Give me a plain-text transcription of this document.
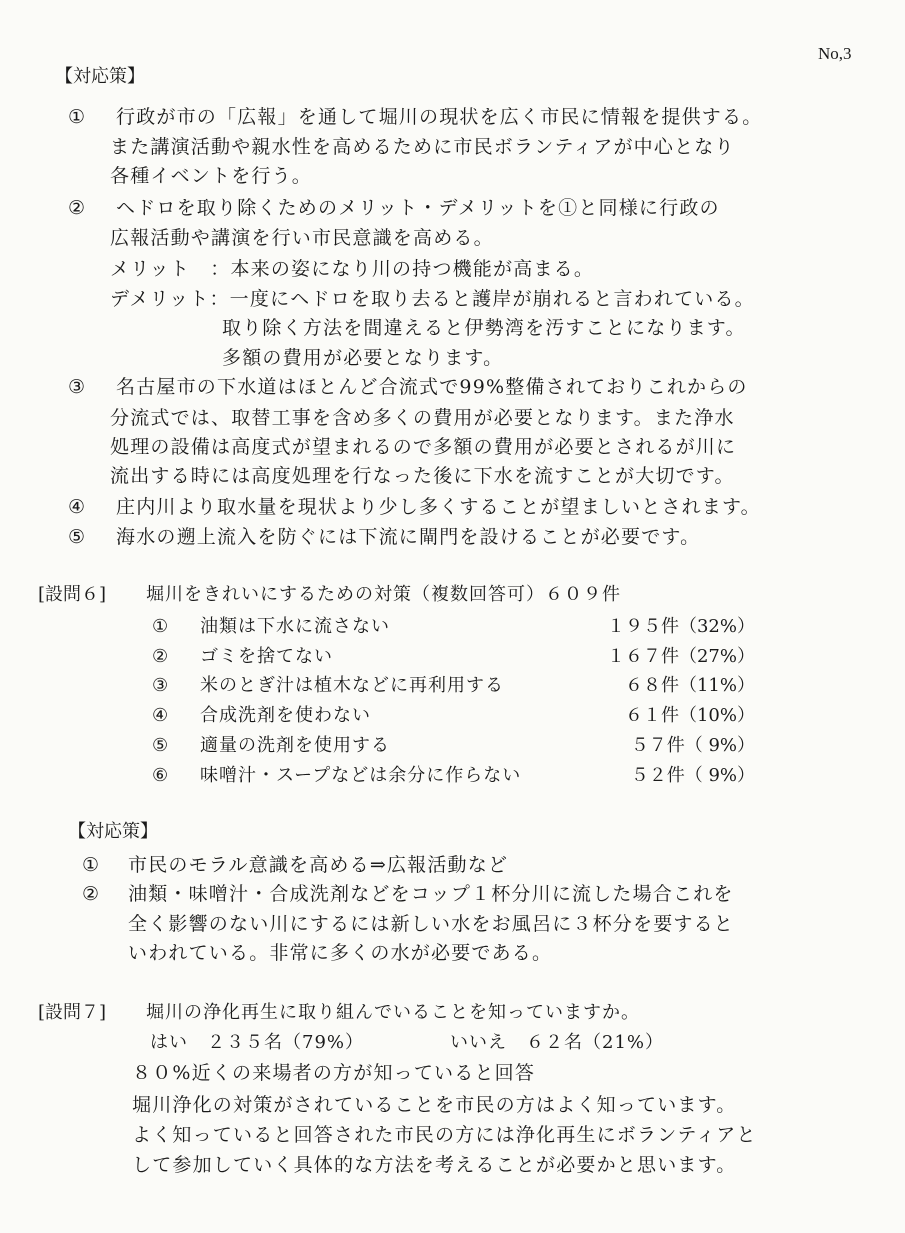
No,3
【対応策】
① 行政が市の「広報」を通して堀川の現状を広く市民に情報を提供する。
また講演活動や親水性を高めるために市民ボランティアが中心となり
各種イベントを行う。
② ヘドロを取り除くためのメリット・デメリットを①と同様に行政の
広報活動や講演を行い市民意識を高める。
メリット　：本来の姿になり川の持つ機能が高まる。
デメリット：一度にヘドロを取り去ると護岸が崩れると言われている。
取り除く方法を間違えると伊勢湾を汚すことになります。
多額の費用が必要となります。
③ 名古屋市の下水道はほとんど合流式で99%整備されておりこれからの
分流式では、取替工事を含め多くの費用が必要となります。また浄水
処理の設備は高度式が望まれるので多額の費用が必要とされるが川に
流出する時には高度処理を行なった後に下水を流すことが大切です。
④ 庄内川より取水量を現状より少し多くすることが望ましいとされます。
⑤ 海水の遡上流入を防ぐには下流に閘門を設けることが必要です。
[設問６] 堀川をきれいにするための対策（複数回答可）６０９件
① 油類は下水に流さない	１９５件（32%）
② ゴミを捨てない	１６７件（27%）
③ 米のとぎ汁は植木などに再利用する	６８件（11%）
④ 合成洗剤を使わない	６１件（10%）
⑤ 適量の洗剤を使用する	５７件（ 9%）
⑥ 味噌汁・スープなどは余分に作らない	５２件（ 9%）
【対応策】
① 市民のモラル意識を高める⇒広報活動など
② 油類・味噌汁・合成洗剤などをコップ１杯分川に流した場合これを
全く影響のない川にするには新しい水をお風呂に３杯分を要すると
いわれている。非常に多くの水が必要である。
[設問７] 堀川の浄化再生に取り組んでいることを知っていますか。
はい　２３５名（79%）	いいえ　６２名（21%）
８０%近くの来場者の方が知っていると回答
堀川浄化の対策がされていることを市民の方はよく知っています。
よく知っていると回答された市民の方には浄化再生にボランティアと
して参加していく具体的な方法を考えることが必要かと思います。
